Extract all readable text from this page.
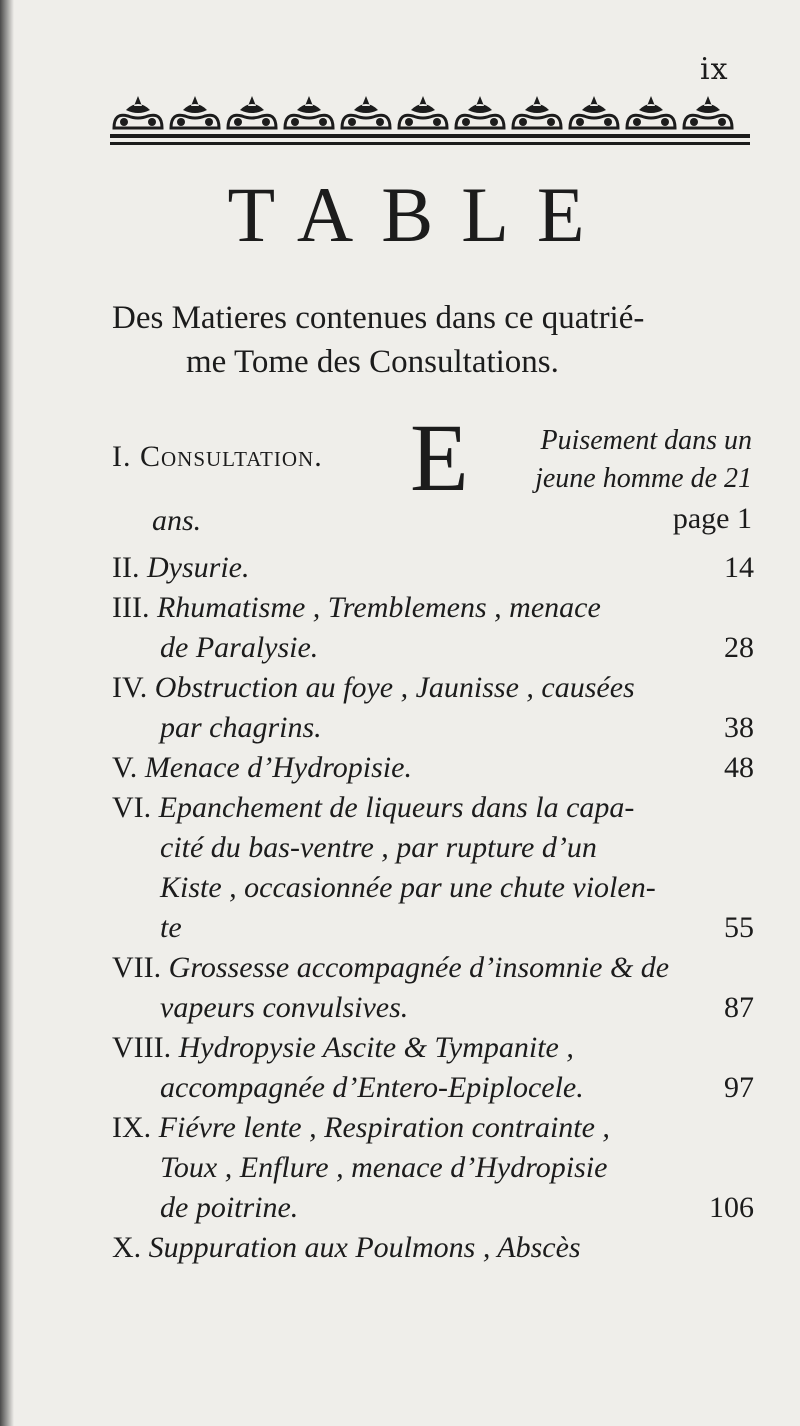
ix
TABLE
Des Matieres contenues dans ce quatrié-
me Tome des Consultations.
I. Consultation. E	Puisement dans un
jeune homme de 21
ans.	page 1
II. Dysurie.	14
III. Rhumatisme , Tremblemens , menace
de Paralysie.	28
IV. Obstruction au foye , Jaunisse , causées
par chagrins.	38
V. Menace d’Hydropisie.	48
VI. Epanchement de liqueurs dans la capa-
cité du bas-ventre , par rupture d’un
Kiste , occasionnée par une chute violen-
te	55
VII. Grossesse accompagnée d’insomnie & de
vapeurs convulsives.	87
VIII. Hydropysie Ascite & Tympanite ,
accompagnée d’Entero-Epiplocele.	97
IX. Fiévre lente , Respiration contrainte ,
Toux , Enflure , menace d’Hydropisie
de poitrine.	106
X. Suppuration aux Poulmons , Abscès
